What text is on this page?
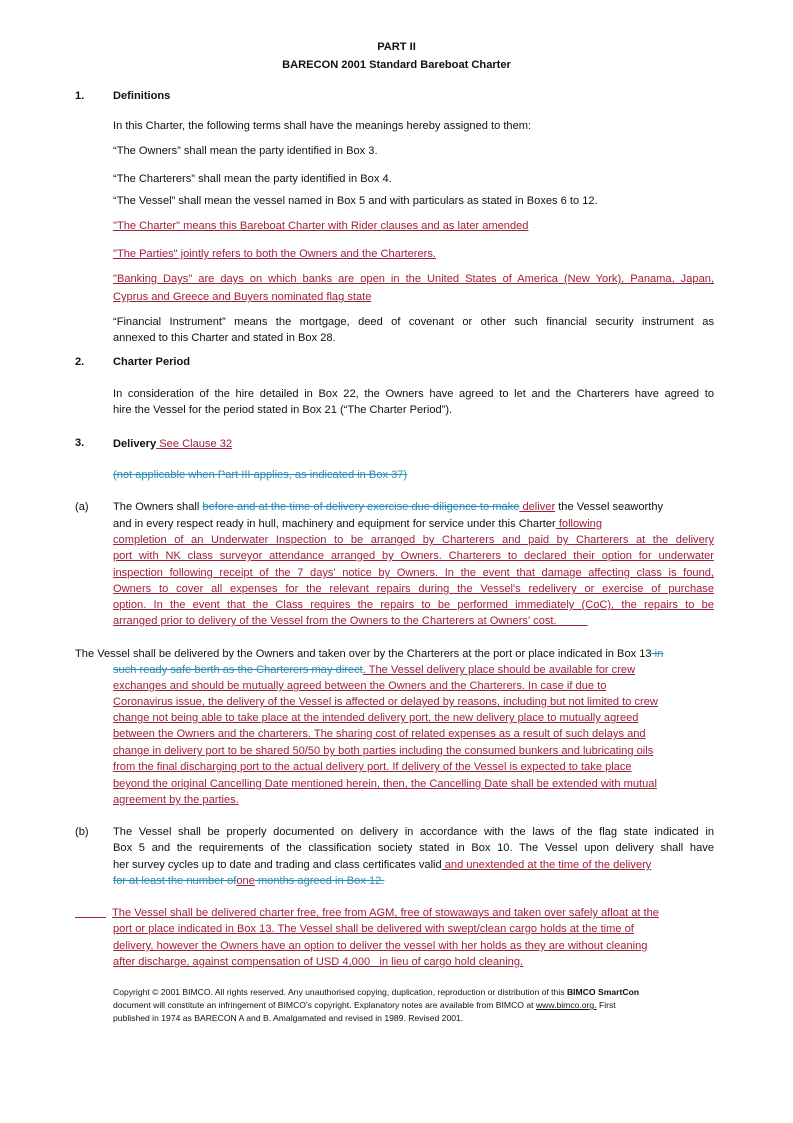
PART II
BARECON 2001 Standard Bareboat Charter
1.	Definitions
In this Charter, the following terms shall have the meanings hereby assigned to them:
“The Owners” shall mean the party identified in Box 3.
“The Charterers” shall mean the party identified in Box 4.
“The Vessel” shall mean the vessel named in Box 5 and with particulars as stated in Boxes 6 to 12.
"The Charter" means this Bareboat Charter with Rider clauses and as later amended
"The Parties" jointly refers to both the Owners and the Charterers.
"Banking Days" are days on which banks are open in the United States of America (New York), Panama, Japan,
Cyprus and Greece and Buyers nominated flag state
“Financial Instrument” means the mortgage, deed of covenant or other such financial security instrument as
annexed to this Charter and stated in Box 28.
2.	Charter Period
In consideration of the hire detailed in Box 22, the Owners have agreed to let and the Charterers have agreed to
hire the Vessel for the period stated in Box 21 (“The Charter Period”).
3.	Delivery See Clause 32
(not applicable when Part III applies, as indicated in Box 37)
(a) The Owners shall before and at the time of delivery exercise due diligence to make deliver the Vessel seaworthy
and in every respect ready in hull, machinery and equipment for service under this Charter following
completion of an Underwater Inspection to be arranged by Charterers and paid by Charterers at the delivery
port with NK class surveyor attendance arranged by Owners. Charterers to declared their option for underwater
inspection following receipt of the 7 days' notice by Owners. In the event that damage affecting class is found,
Owners to cover all expenses for the relevant repairs during the Vessel's redelivery or exercise of purchase
option. In the event that the Class requires the repairs to be performed immediately (CoC), the repairs to be
arranged prior to delivery of the Vessel from the Owners to the Charterers at Owners' cost.
The Vessel shall be delivered by the Owners and taken over by the Charterers at the port or place indicated in Box 13 in
such ready safe berth as the Charterers may direct. The Vessel delivery place should be available for crew
exchanges and should be mutually agreed between the Owners and the Charterers. In case if due to
Coronavirus issue, the delivery of the Vessel is affected or delayed by reasons, including but not limited to crew
change not being able to take place at the intended delivery port, the new delivery place to mutually agreed
between the Owners and the charterers. The sharing cost of related expenses as a result of such delays and
change in delivery port to be shared 50/50 by both parties including the consumed bunkers and lubricating oils
from the final discharging port to the actual delivery port. If delivery of the Vessel is expected to take place
beyond the original Cancelling Date mentioned herein, then, the Cancelling Date shall be extended with mutual
agreement by the parties.
(b) The Vessel shall be properly documented on delivery in accordance with the laws of the flag state indicated in
Box 5 and the requirements of the classification society stated in Box 10. The Vessel upon delivery shall have
her survey cycles up to date and trading and class certificates valid and unextended at the time of the delivery
for at least the number ofone months agreed in Box 12.

The Vessel shall be delivered charter free, free from AGM, free of stowaways and taken over safely afloat at the
port or place indicated in Box 13. The Vessel shall be delivered with swept/clean cargo holds at the time of
delivery, however the Owners have an option to deliver the vessel with her holds as they are without cleaning
after discharge, against compensation of USD 4,000   in lieu of cargo hold cleaning.
Copyright © 2001 BIMCO. All rights reserved. Any unauthorised copying, duplication, reproduction or distribution of this BIMCO SmartCon
document will constitute an infringement of BIMCO's copyright. Explanatory notes are available from BIMCO at www.bimco.org. First
published in 1974 as BARECON A and B. Amalgamated and revised in 1989. Revised 2001.
